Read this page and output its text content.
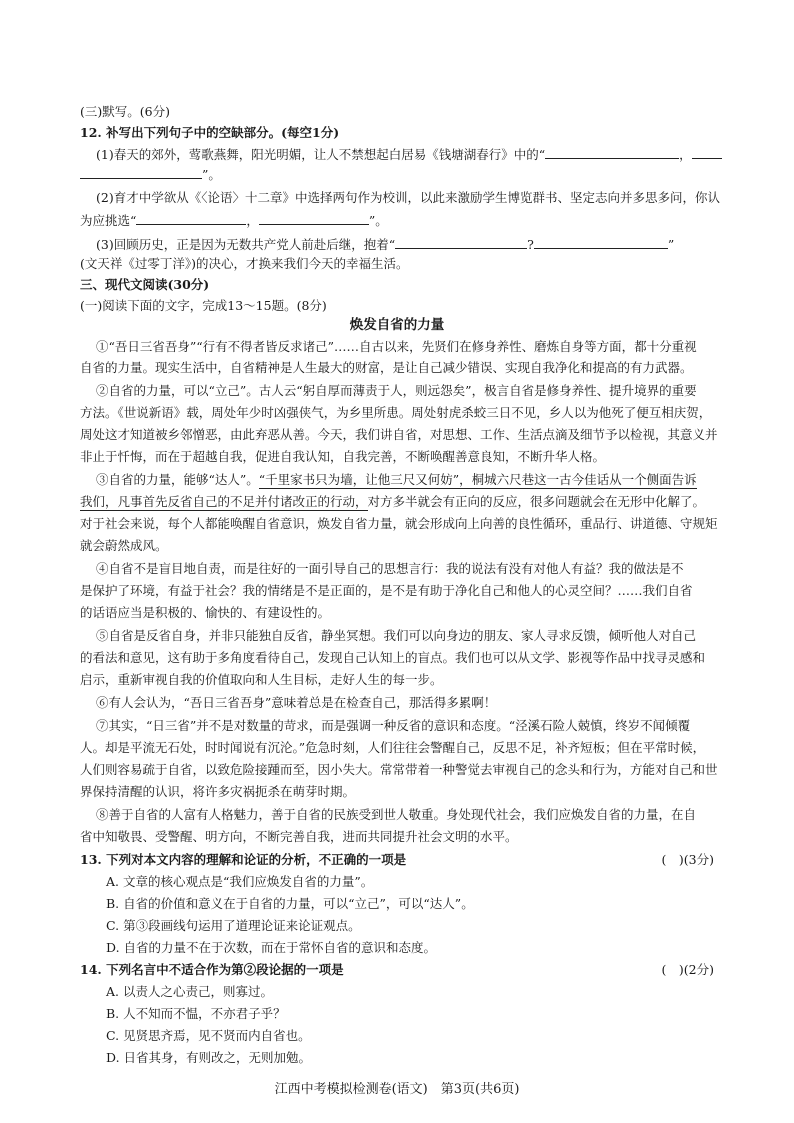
(三)默写。(6分)
12. 补写出下列句子中的空缺部分。(每空1分)
(1)春天的郊外，莺歌燕舞，阳光明媚，让人不禁想起白居易《钱塘湖春行》中的“	，
”。
(2)育才中学欲从《〈论语〉十二章》中选择两句作为校训，以此来激励学生博览群书、坚定志向并多思多问，你认
为应挑选“	，	”。
(3)回顾历史，正是因为无数共产党人前赴后继，抱着“	?	”
(文天祥《过零丁洋》)的决心，才换来我们今天的幸福生活。
三、现代文阅读(30分)
(一)阅读下面的文字，完成13～15题。(8分)
焕发自省的力量
①“吾日三省吾身”“行有不得者皆反求诸己”……自古以来，先贤们在修身养性、磨炼自身等方面，都十分重视
自省的力量。现实生活中，自省精神是人生最大的财富，是让自己减少错误、实现自我净化和提高的有力武器。
②自省的力量，可以“立己”。古人云“躬自厚而薄责于人，则远怨矣”，极言自省是修身养性、提升境界的重要
方法。《世说新语》载，周处年少时凶强侠气，为乡里所患。周处射虎杀蛟三日不见，乡人以为他死了便互相庆贺，
周处这才知道被乡邻憎恶，由此弃恶从善。今天，我们讲自省，对思想、工作、生活点滴及细节予以检视，其意义并
非止于忏悔，而在于超越自我，促进自我认知，自我完善，不断唤醒善意良知，不断升华人格。
③自省的力量，能够“达人”。“千里家书只为墙，让他三尺又何妨”，桐城六尺巷这一古今佳话从一个侧面告诉
我们，凡事首先反省自己的不足并付诸改正的行动，对方多半就会有正向的反应，很多问题就会在无形中化解了。
对于社会来说，每个人都能唤醒自省意识，焕发自省力量，就会形成向上向善的良性循环，重品行、讲道德、守规矩
就会蔚然成风。
④自省不是盲目地自责，而是往好的一面引导自己的思想言行：我的说法有没有对他人有益？我的做法是不
是保护了环境，有益于社会？我的情绪是不是正面的，是不是有助于净化自己和他人的心灵空间？……我们自省
的话语应当是积极的、愉快的、有建设性的。
⑤自省是反省自身，并非只能独自反省，静坐冥想。我们可以向身边的朋友、家人寻求反馈，倾听他人对自己
的看法和意见，这有助于多角度看待自己，发现自己认知上的盲点。我们也可以从文学、影视等作品中找寻灵感和
启示，重新审视自我的价值取向和人生目标，走好人生的每一步。
⑥有人会认为，“吾日三省吾身”意味着总是在检查自己，那活得多累啊！
⑦其实，“日三省”并不是对数量的苛求，而是强调一种反省的意识和态度。“泾溪石险人兢慎，终岁不闻倾覆
人。却是平流无石处，时时闻说有沉沦。”危急时刻，人们往往会警醒自己，反思不足，补齐短板；但在平常时候，
人们则容易疏于自省，以致危险接踵而至，因小失大。常常带着一种警觉去审视自己的念头和行为，方能对自己和世
界保持清醒的认识，将许多灾祸扼杀在萌芽时期。
⑧善于自省的人富有人格魅力，善于自省的民族受到世人敬重。身处现代社会，我们应焕发自省的力量，在自
省中知敬畏、受警醒、明方向，不断完善自我，进而共同提升社会文明的水平。
13. 下列对本文内容的理解和论证的分析，不正确的一项是	(　)(3分)
A. 文章的核心观点是“我们应焕发自省的力量”。
B. 自省的价值和意义在于自省的力量，可以“立己”，可以“达人”。
C. 第③段画线句运用了道理论证来论证观点。
D. 自省的力量不在于次数，而在于常怀自省的意识和态度。
14. 下列名言中不适合作为第②段论据的一项是	(　)(2分)
A. 以责人之心责己，则寡过。
B. 人不知而不愠，不亦君子乎？
C. 见贤思齐焉，见不贤而内自省也。
D. 日省其身，有则改之，无则加勉。
江西中考模拟检测卷(语文)　第3页(共6页)
